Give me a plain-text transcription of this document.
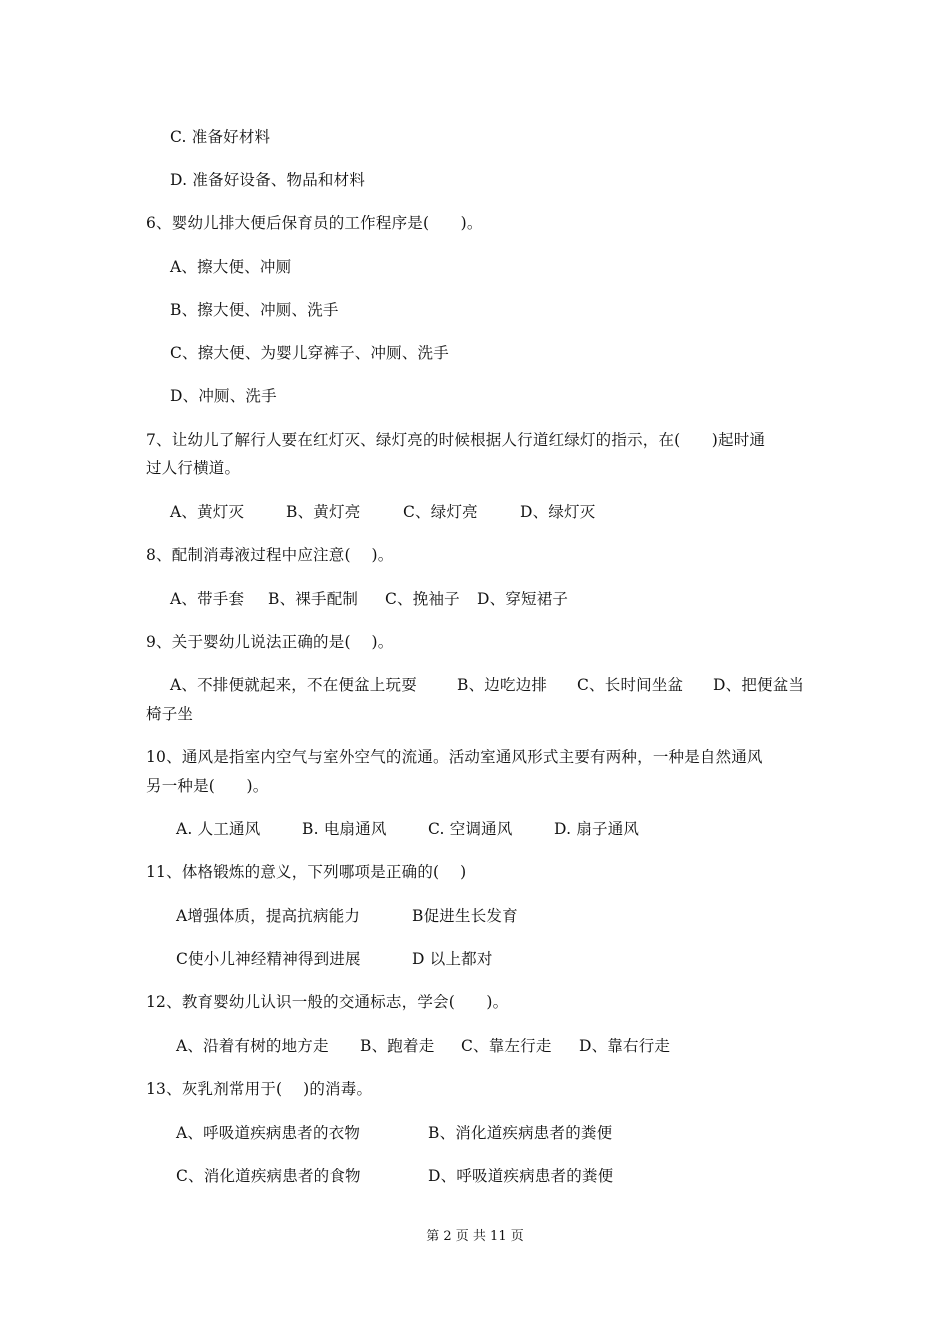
C. 准备好材料
D. 准备好设备、物品和材料
6、婴幼儿排大便后保育员的工作程序是(　　)。
A、擦大便、冲厕
B、擦大便、冲厕、洗手
C、擦大便、为婴儿穿裤子、冲厕、洗手
D、冲厕、洗手
7、让幼儿了解行人要在红灯灭、绿灯亮的时候根据人行道红绿灯的指示，在(　　)起时通
过人行横道。
A、黄灯灭	B、黄灯亮	C、绿灯亮	D、绿灯灭
8、配制消毒液过程中应注意(　 )。
A、带手套 B、裸手配制 C、挽袖子 D、穿短裙子
9、关于婴幼儿说法正确的是(　 )。
A、不排便就起来，不在便盆上玩耍	B、边吃边排 C、长时间坐盆 D、把便盆当
椅子坐
10、通风是指室内空气与室外空气的流通。活动室通风形式主要有两种，一种是自然通风
另一种是(　　)。
A. 人工通风	B. 电扇通风	C. 空调通风	D. 扇子通风
11、体格锻炼的意义，下列哪项是正确的(　 )
A增强体质，提高抗病能力	B促进生长发育
C使小儿神经精神得到进展	D 以上都对
12、教育婴幼儿认识一般的交通标志，学会(　　)。
A、沿着有树的地方走 B、跑着走 C、靠左行走 D、靠右行走
13、灰乳剂常用于(　 )的消毒。
A、呼吸道疾病患者的衣物	B、消化道疾病患者的粪便
C、消化道疾病患者的食物	D、呼吸道疾病患者的粪便
第 2 页 共 11 页
